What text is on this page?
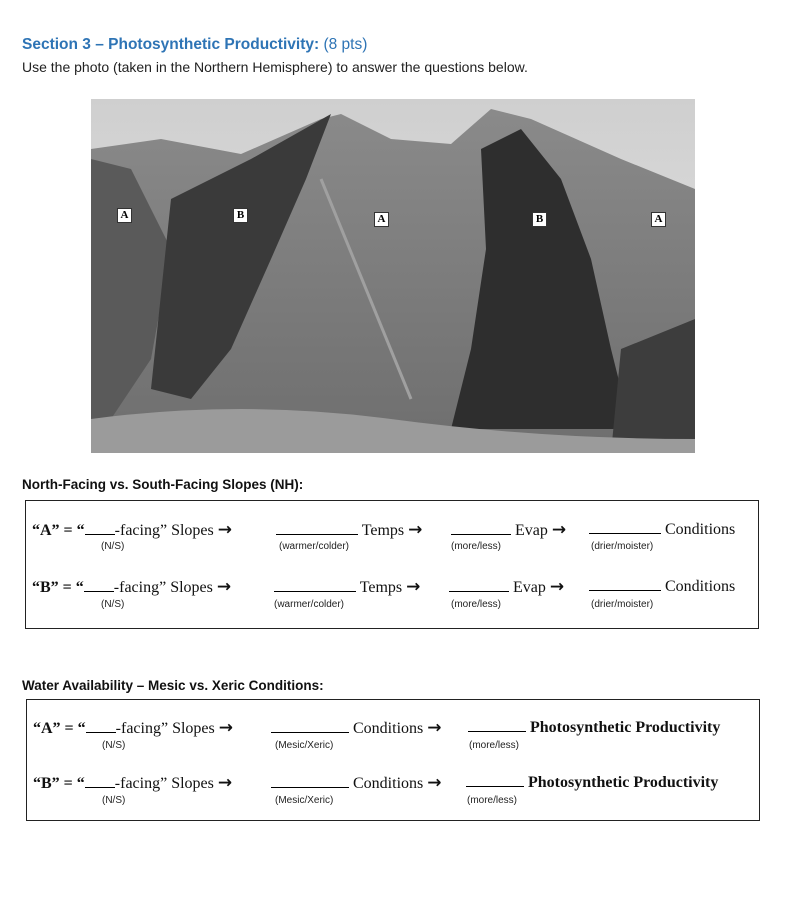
Section 3 – Photosynthetic Productivity: (8 pts)
Use the photo (taken in the Northern Hemisphere) to answer the questions below.
A	B	A	B	A
North-Facing vs. South-Facing Slopes (NH):
“A” = “ -facing” Slopes →	Temps →	Evap →	Conditions
(N/S)	(warmer/colder)	(more/less)	(drier/moister)
“B” = “ -facing” Slopes →	Temps →	Evap →	Conditions
(N/S)	(warmer/colder)	(more/less)	(drier/moister)
Water Availability – Mesic vs. Xeric Conditions:
“A” = “ -facing” Slopes →	Conditions →	Photosynthetic Productivity
(N/S)	(Mesic/Xeric)	(more/less)
“B” = “ -facing” Slopes →	Conditions →	Photosynthetic Productivity
(N/S)	(Mesic/Xeric)	(more/less)
